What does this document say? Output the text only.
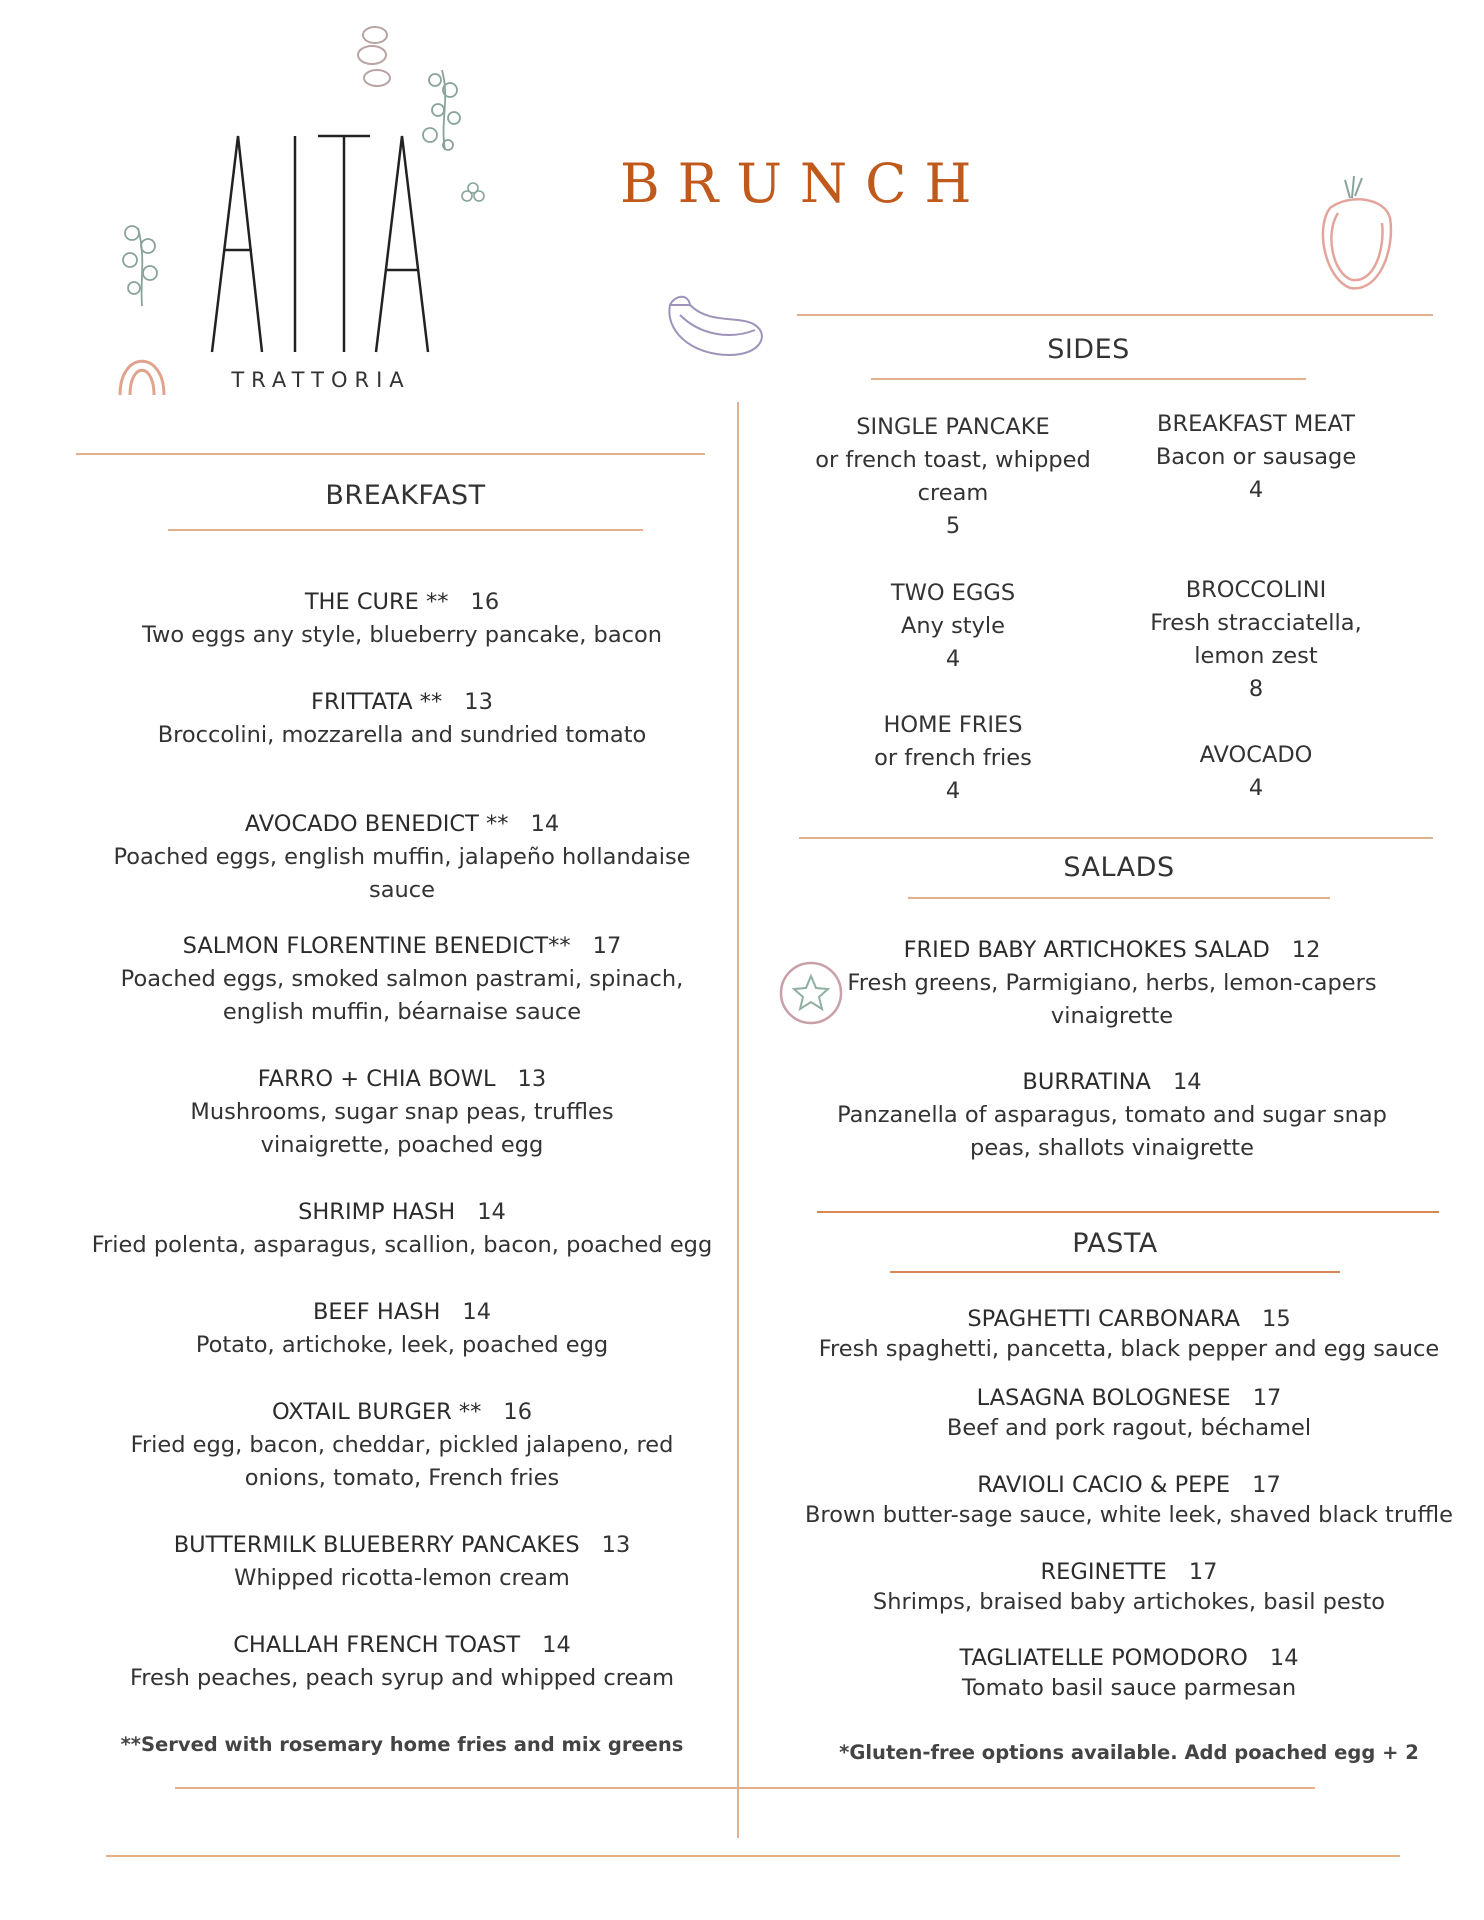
TRATTORIA
BRUNCH
BREAKFAST
THE CURE ** 16
Two eggs any style, blueberry pancake, bacon
FRITTATA ** 13
Broccolini, mozzarella and sundried tomato
AVOCADO BENEDICT ** 14
Poached eggs, english muffin, jalapeño hollandaise sauce
SALMON FLORENTINE BENEDICT** 17
Poached eggs, smoked salmon pastrami, spinach, english muffin, béarnaise sauce
FARRO + CHIA BOWL 13
Mushrooms, sugar snap peas, truffles vinaigrette, poached egg
SHRIMP HASH 14
Fried polenta, asparagus, scallion, bacon, poached egg
BEEF HASH 14
Potato, artichoke, leek, poached egg
OXTAIL BURGER ** 16
Fried egg, bacon, cheddar, pickled jalapeno, red onions, tomato, French fries
BUTTERMILK BLUEBERRY PANCAKES 13
Whipped ricotta-lemon cream
CHALLAH FRENCH TOAST 14
Fresh peaches, peach syrup and whipped cream
**Served with rosemary home fries and mix greens
SIDES
SINGLE PANCAKE
or french toast, whipped cream
5
BREAKFAST MEAT
Bacon or sausage
4
TWO EGGS
Any style
4
BROCCOLINI
Fresh stracciatella, lemon zest
8
HOME FRIES
or french fries
4
AVOCADO
4
SALADS
FRIED BABY ARTICHOKES SALAD 12
Fresh greens, Parmigiano, herbs, lemon-capers vinaigrette
BURRATINA 14
Panzanella of asparagus, tomato and sugar snap peas, shallots vinaigrette
PASTA
SPAGHETTI CARBONARA 15
Fresh spaghetti, pancetta, black pepper and egg sauce
LASAGNA BOLOGNESE 17
Beef and pork ragout, béchamel
RAVIOLI CACIO & PEPE 17
Brown butter-sage sauce, white leek, shaved black truffle
REGINETTE 17
Shrimps, braised baby artichokes, basil pesto
TAGLIATELLE POMODORO 14
Tomato basil sauce parmesan
*Gluten-free options available. Add poached egg + 2
